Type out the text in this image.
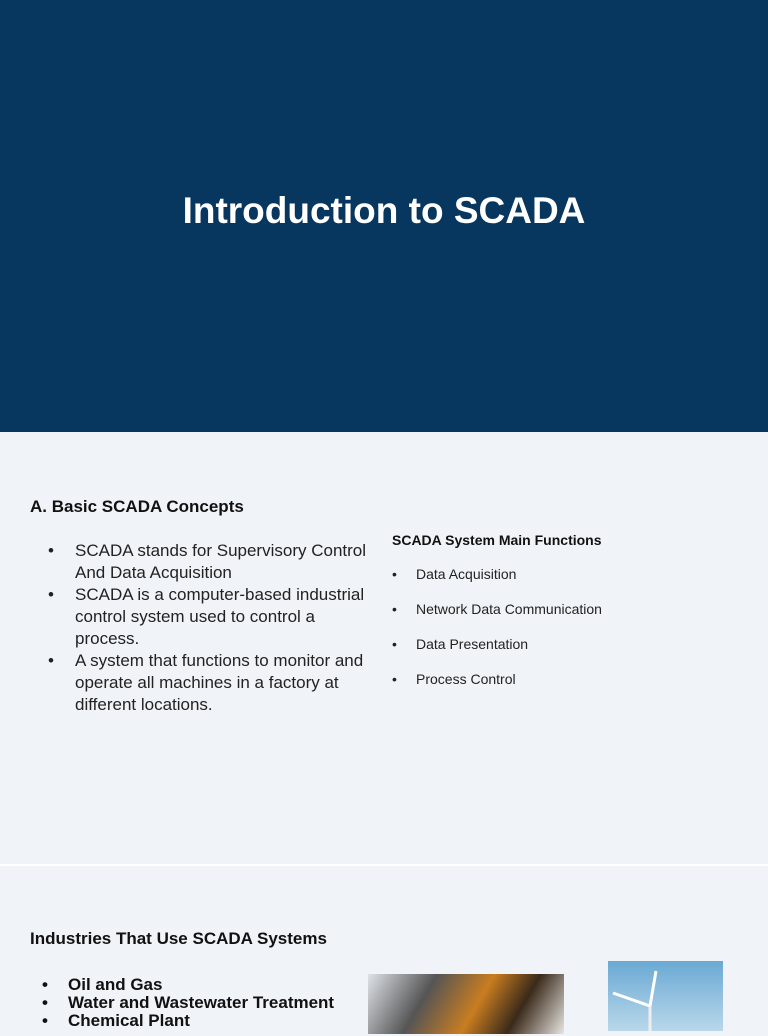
Introduction to SCADA
A. Basic SCADA Concepts
• SCADA stands for Supervisory Control And Data Acquisition
• SCADA is a computer-based industrial control system used to control a process.
• A system that functions to monitor and operate all machines in a factory at different locations.
SCADA System Main Functions
• Data Acquisition
• Network Data Communication
• Data Presentation
• Process Control
Industries That Use SCADA Systems
• Oil and Gas
• Water and Wastewater Treatment
• Chemical Plant
